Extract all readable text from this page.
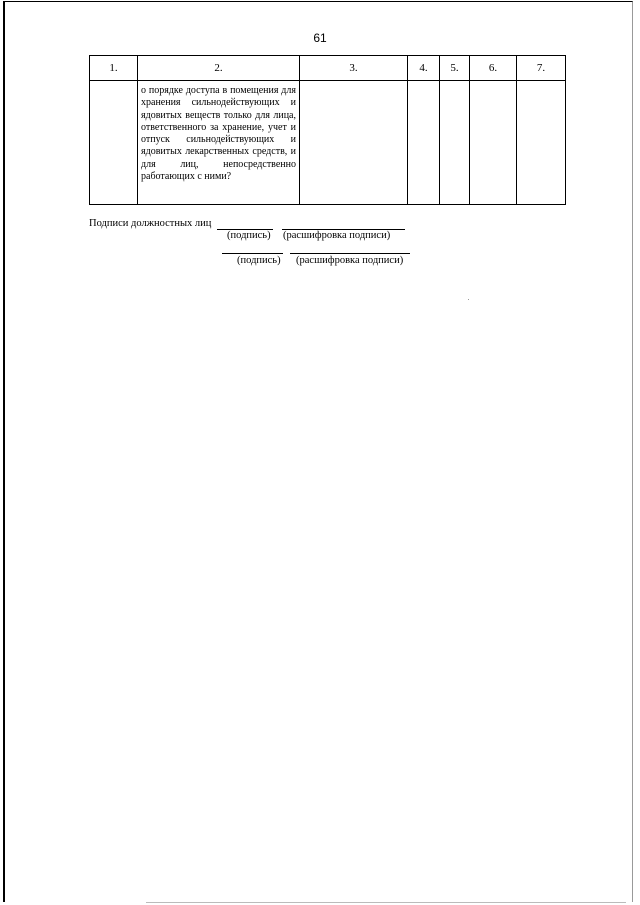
61
1.	2.	3.	4.	5.	6.	7.

	о порядке доступа в помещения для хранения сильнодействующих и ядовитых веществ только для лица, ответственного за хранение, учет и отпуск сильнодействующих и ядовитых лекарственных средств, и для лиц, непосредственно работающих с ними?					

Подписи должностных лиц
(подпись) (расшифровка подписи)
(подпись) (расшифровка подписи)
